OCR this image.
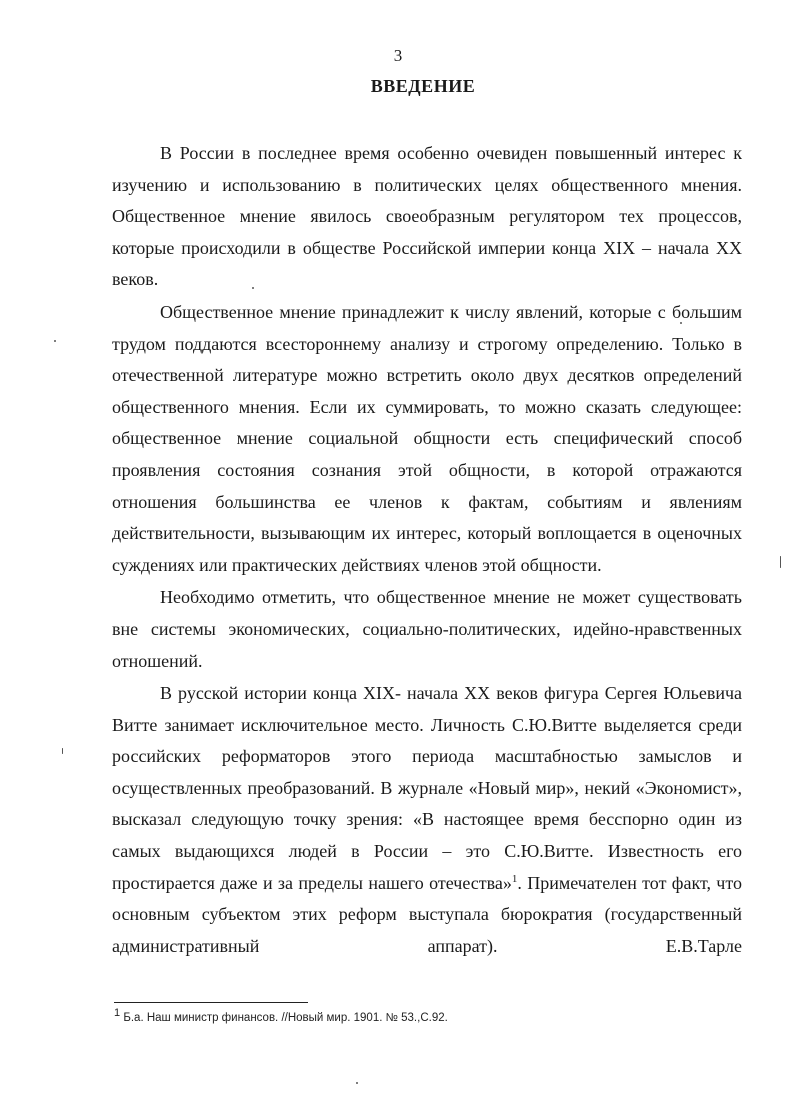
3
ВВЕДЕНИЕ

В России в последнее время особенно очевиден повышенный интерес к изучению и использованию в политических целях общественного мнения. Общественное мнение явилось своеобразным регулятором тех процессов, которые происходили в обществе Российской империи конца XIX – начала XX веков.

Общественное мнение принадлежит к числу явлений, которые с большим трудом поддаются всестороннему анализу и строгому определению. Только в отечественной литературе можно встретить около двух десятков определений общественного мнения. Если их суммировать, то можно сказать следующее: общественное мнение социальной общности есть специфический способ проявления состояния сознания этой общности, в которой отражаются отношения большинства ее членов к фактам, событиям и явлениям действительности, вызывающим их интерес, который воплощается в оценочных суждениях или практических действиях членов этой общности.

Необходимо отметить, что общественное мнение не может существовать вне системы экономических, социально-политических, идейно-нравственных отношений.

В русской истории конца XIX- начала XX веков фигура Сергея Юльевича Витте занимает исключительное место. Личность С.Ю.Витте выделяется среди российских реформаторов этого периода масштабностью замыслов и осуществленных преобразований. В журнале «Новый мир», некий «Экономист», высказал следующую точку зрения: «В настоящее время бесспорно один из самых выдающихся людей в России – это С.Ю.Витте. Известность его простирается даже и за пределы нашего отечества»$^1$. Примечателен тот факт, что основным субъектом этих реформ выступала бюрократия (государственный административный аппарат). Е.В.Тарле

$^1$ Б.а. Наш министр финансов. //Новый мир. 1901. № 53.,С.92.
